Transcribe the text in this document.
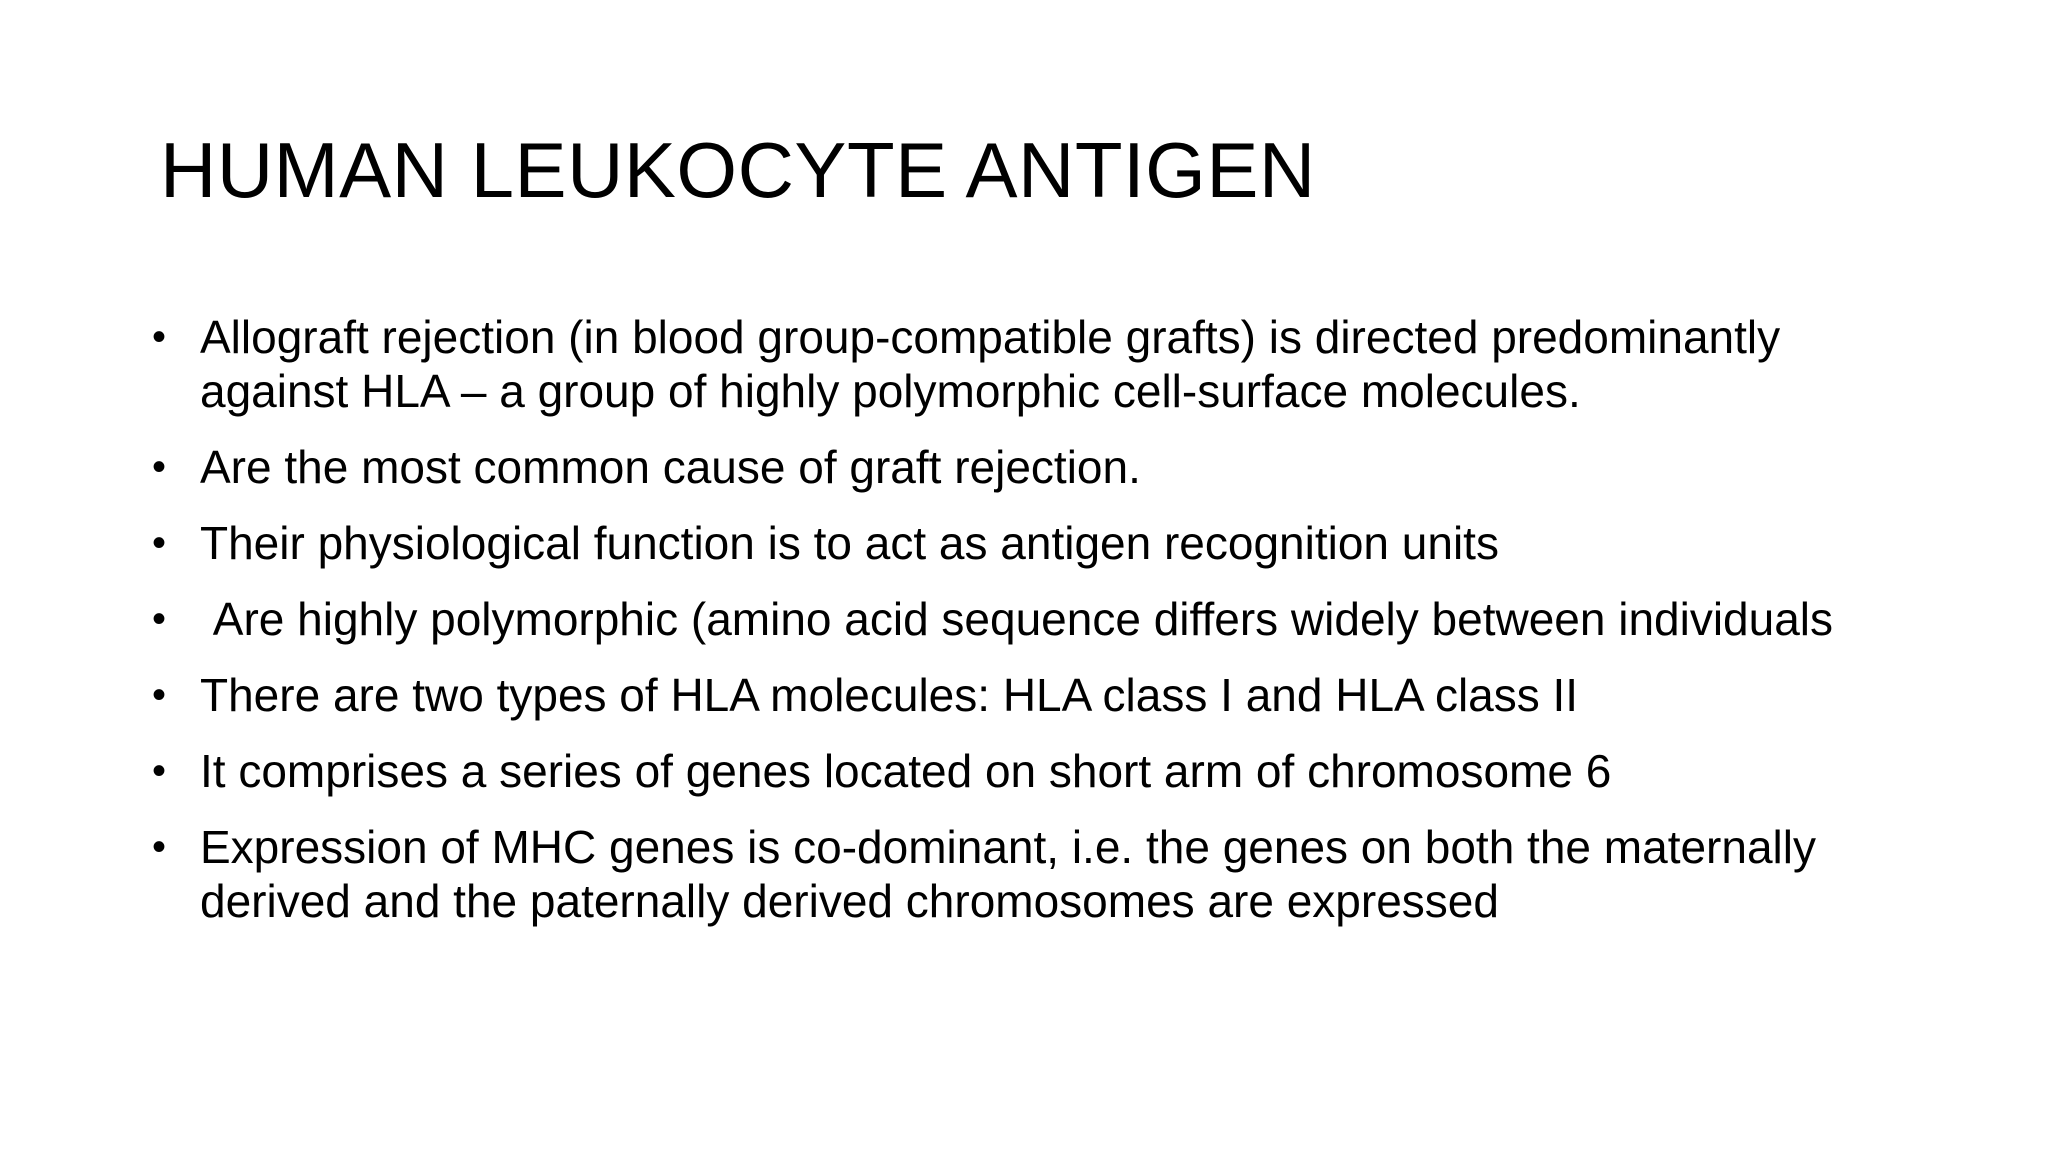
HUMAN LEUKOCYTE ANTIGEN
• Allograft rejection (in blood group-compatible grafts) is directed predominantly against HLA – a group of highly polymorphic cell-surface molecules.
• Are the most common cause of graft rejection.
• Their physiological function is to act as antigen recognition units
• Are highly polymorphic (amino acid sequence differs widely between individuals
• There are two types of HLA molecules: HLA class I and HLA class II
• It comprises a series of genes located on short arm of chromosome 6
• Expression of MHC genes is co-dominant, i.e. the genes on both the maternally derived and the paternally derived chromosomes are expressed
